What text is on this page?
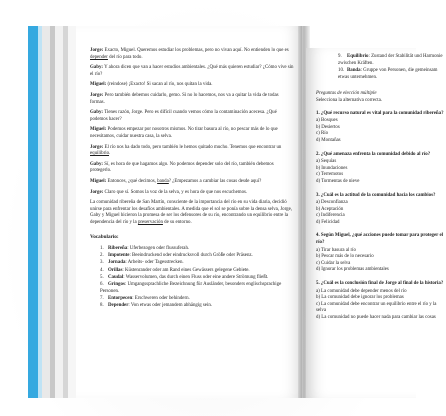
Jorge: Exacto, Miguel. Queremos estudiar los problemas, pero no vivan aquí. No entienden lo que es depender del río para todo.

Gaby: Y ahora dicen que van a hacer estudios ambientales. ¿Qué más quieren estudiar? ¿Cómo vive sin el río?

Miguel: (reindose) ¡Exacto! Si sacan al río, nos quitan la vida.

Jorge: Pero también debemos cuidarlo, gemo. Si no lo hacemos, nos va a quitar la vida de todas formas.

Gaby: Tienes razón, Jorge. Pero es difícil cuando vemos cómo la contaminación acecesa. ¿Qué podemos hacer?

Miguel: Podemos empezar por nosotros mismos. No tirar basura al río, no pescar más de lo que necesitamos, cuidar nuestra casa, la selva.

Jorge: El río nos ha dado todo, pero también le hemos quitado mucho. Tenemos que encontrar un equilibrio.

Gaby: Sí, es hora de que hagamos algo. No podemos depender solo del río, también debemos protegerlo.

Miguel: Entonces, ¿qué decimos, banda? ¿Empezamos a cambiar las cosas desde aquí?

Jorge: Claro que sí. Somos la voz de la selva, y es hora de que nos escuchemos.

La comunidad ribereña de San Martín, consciente de la importancia del río en su vida diaria, decidió unirse para enfrentar los desafíos ambientales. A medida que el sol se ponía sobre la densa selva, Jorge, Gaby y Miguel hicieron la promesa de ser los defensores de su río, encontrando un equilibrio entre la dependencia del río y la preservación de su entorno.

Vocabulario:
1. Ribereña: Uferbezogen oder flussuferah.
2. Impotente: Beeindruckend oder eindrucksvoll durch Größe oder Präsenz.
3. Jornada: Arbeits- oder Tagesstrecken.
4. Orillas: Küstenrander oder am Rand eines Gewässers gelegene Gebiete.
5. Caudal: Wasservolumen, das durch einen Fluss oder eine andere Strömung fließt.
6. Gringos: Umgangssprachliche Bezeichnung für Ausländer, besonders englischsprachige Personen.
7. Entorpecen: Erschweren oder behindern.
8. Depender: Von etwas oder jemandem abhängig sein.
9. Equilibrio: Zustand der Stabilität und Harmonie zwischen Kräften.
10. Banda: Gruppe von Personen, die gemeinsam etwas unternehmen.
Preguntas de elección múltiple
Selecciona la alternativa correcta.
1. ¿Qué recurso natural es vital para la comunidad ribereña?
a) Bosques
b) Desiertos
c) Río
d) Montañas
2. ¿Qué amenaza enfrenta la comunidad debido al río?
a) Sequías
b) Inundaciones
c) Terremotos
d) Tormentas de nieve
3. ¿Cuál es la actitud de la comunidad hacia los cambios?
a) Desconfianza
b) Aceptación
c) Indiferencia
d) Felicidad
4. Según Miguel, ¿qué acciones puede tomar para proteger el río?
a) Tirar basura al río
b) Pescar más de lo necesario
c) Cuidar la selva
d) Ignorar los problemas ambientales
5. ¿Cuál es la conclusión final de Jorge al final de la historia?
a) La comunidad debe depender menos del río
b) La comunidad debe ignorar los problemas
c) La comunidad debe encontrar un equilibrio entre el río y la selva
d) La comunidad no puede hacer nada para cambiar las cosas
